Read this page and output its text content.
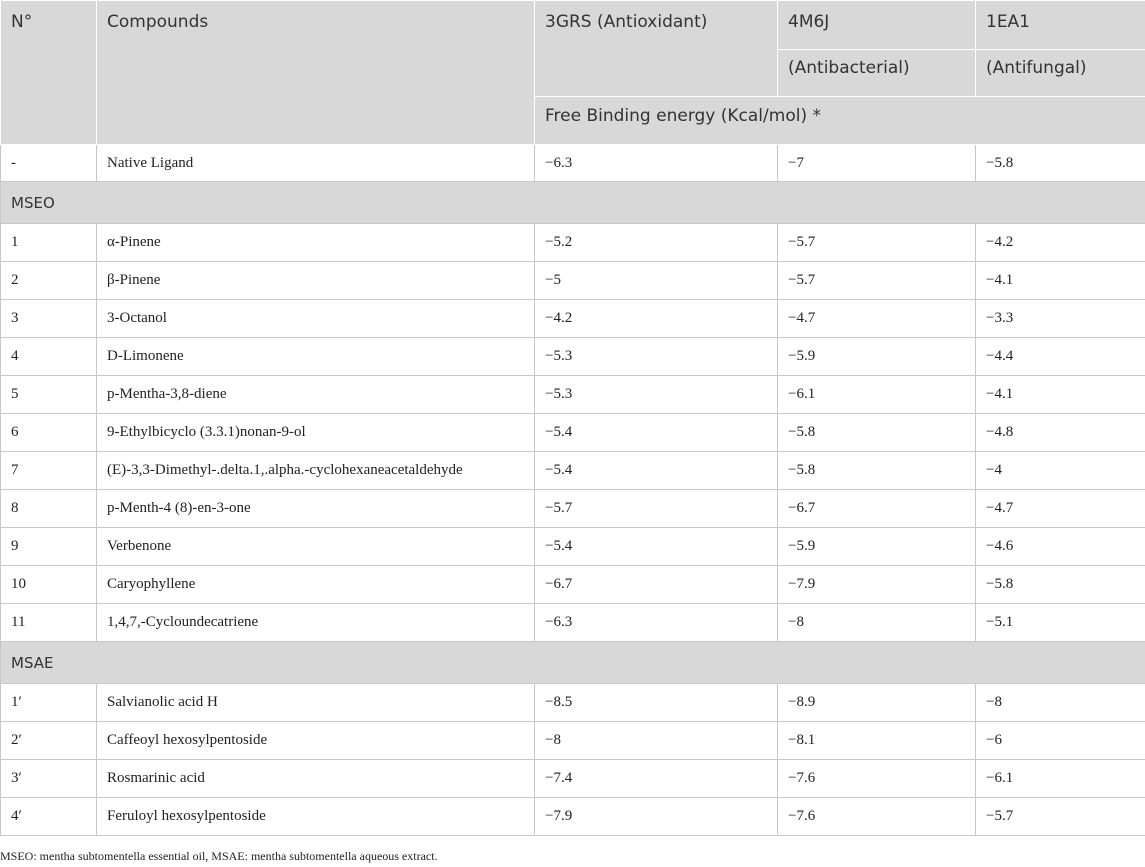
N°	Compounds	3GRS (Antioxidant)	4M6J	1EA1
			(Antibacterial)	(Antifungal)
		Free Binding energy (Kcal/mol) *		
-	Native Ligand	−6.3	−7	−5.8
MSEO				
1	α-Pinene	−5.2	−5.7	−4.2
2	β-Pinene	−5	−5.7	−4.1
3	3-Octanol	−4.2	−4.7	−3.3
4	D-Limonene	−5.3	−5.9	−4.4
5	p-Mentha-3,8-diene	−5.3	−6.1	−4.1
6	9-Ethylbicyclo (3.3.1)nonan-9-ol	−5.4	−5.8	−4.8
7	(E)-3,3-Dimethyl-.delta.1,.alpha.-cyclohexaneacetaldehyde	−5.4	−5.8	−4
8	p-Menth-4 (8)-en-3-one	−5.7	−6.7	−4.7
9	Verbenone	−5.4	−5.9	−4.6
10	Caryophyllene	−6.7	−7.9	−5.8
11	1,4,7,-Cycloundecatriene	−6.3	−8	−5.1
MSAE				
1′	Salvianolic acid H	−8.5	−8.9	−8
2′	Caffeoyl hexosylpentoside	−8	−8.1	−6
3′	Rosmarinic acid	−7.4	−7.6	−6.1
4′	Feruloyl hexosylpentoside	−7.9	−7.6	−5.7
MSEO: mentha subtomentella essential oil, MSAE: mentha subtomentella aqueous extract.
